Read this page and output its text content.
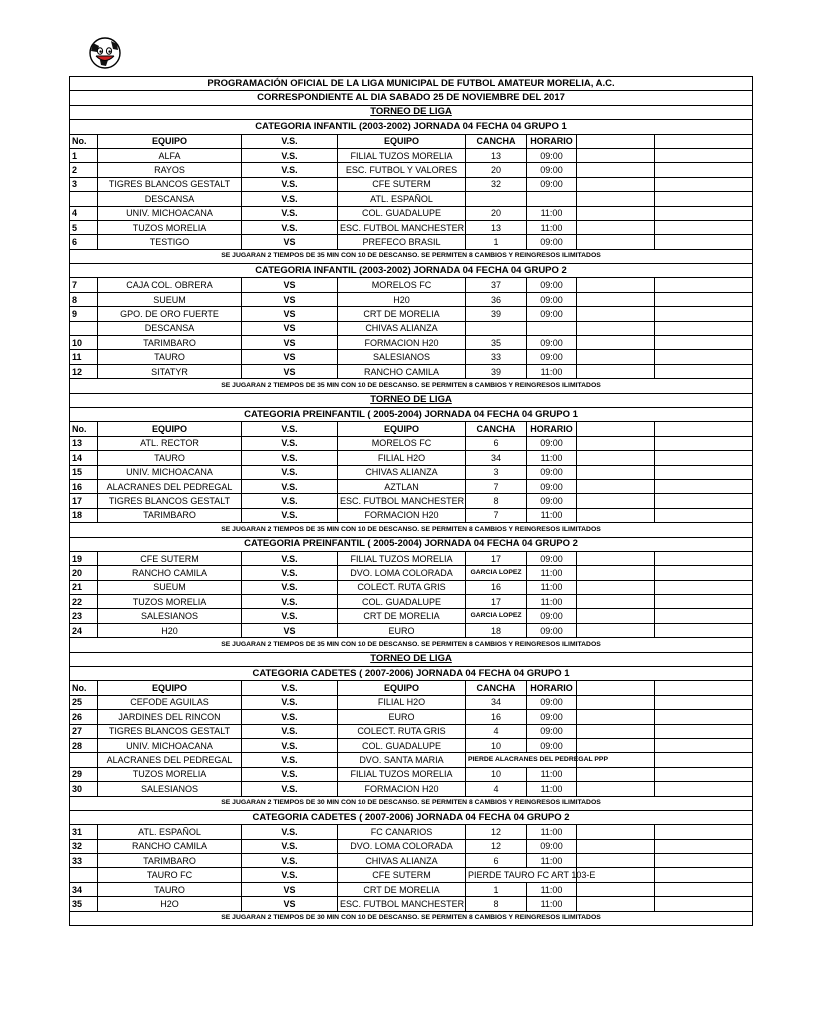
PROGRAMACIÓN OFICIAL DE LA LIGA MUNICIPAL DE FUTBOL AMATEUR MORELIA, A.C.							
CORRESPONDIENTE AL DIA SABADO 25 DE NOVIEMBRE DEL 2017							
TORNEO DE LIGA							
CATEGORIA INFANTIL (2003-2002) JORNADA 04 FECHA 04 GRUPO 1							
No.	EQUIPO	V.S.	EQUIPO	CANCHA	HORARIO		
1	ALFA	V.S.	FILIAL TUZOS MORELIA	13	09:00		
2	RAYOS	V.S.	ESC. FUTBOL Y VALORES	20	09:00		
3	TIGRES BLANCOS GESTALT	V.S.	CFE SUTERM	32	09:00		
	DESCANSA	V.S.	ATL. ESPAÑOL				
4	UNIV. MICHOACANA	V.S.	COL. GUADALUPE	20	11:00		
5	TUZOS MORELIA	V.S.	ESC. FUTBOL MANCHESTER	13	11:00		
6	TESTIGO	VS	PREFECO BRASIL	1	09:00		
SE JUGARAN 2 TIEMPOS DE 35 MIN CON 10 DE DESCANSO. SE PERMITEN 8 CAMBIOS Y REINGRESOS ILIMITADOS							
CATEGORIA INFANTIL (2003-2002) JORNADA 04 FECHA 04 GRUPO 2							
7	CAJA COL. OBRERA	VS	MORELOS FC	37	09:00		
8	SUEUM	VS	H20	36	09:00		
9	GPO. DE ORO FUERTE	VS	CRT DE MORELIA	39	09:00		
	DESCANSA	VS	CHIVAS ALIANZA				
10	TARIMBARO	VS	FORMACION H20	35	09:00		
11	TAURO	VS	SALESIANOS	33	09:00		
12	SITATYR	VS	RANCHO CAMILA	39	11:00		
SE JUGARAN 2 TIEMPOS DE 35 MIN CON 10 DE DESCANSO. SE PERMITEN 8 CAMBIOS Y REINGRESOS ILIMITADOS							
TORNEO DE LIGA							
CATEGORIA PREINFANTIL ( 2005-2004) JORNADA 04 FECHA 04 GRUPO 1							
No.	EQUIPO	V.S.	EQUIPO	CANCHA	HORARIO		
13	ATL. RECTOR	V.S.	MORELOS FC	6	09:00		
14	TAURO	V.S.	FILIAL H2O	34	11:00		
15	UNIV. MICHOACANA	V.S.	CHIVAS ALIANZA	3	09:00		
16	ALACRANES DEL PEDREGAL	V.S.	AZTLAN	7	09:00		
17	TIGRES BLANCOS GESTALT	V.S.	ESC. FUTBOL MANCHESTER	8	09:00		
18	TARIMBARO	V.S.	FORMACION H20	7	11:00		
SE JUGARAN 2 TIEMPOS DE 35 MIN CON 10 DE DESCANSO. SE PERMITEN 8 CAMBIOS Y REINGRESOS ILIMITADOS							
CATEGORIA PREINFANTIL ( 2005-2004) JORNADA 04 FECHA 04 GRUPO 2							
19	CFE SUTERM	V.S.	FILIAL TUZOS MORELIA	17	09:00		
20	RANCHO CAMILA	V.S.	DVO. LOMA COLORADA	GARCIA LOPEZ	11:00		
21	SUEUM	V.S.	COLECT. RUTA GRIS	16	11:00		
22	TUZOS MORELIA	V.S.	COL. GUADALUPE	17	11:00		
23	SALESIANOS	V.S.	CRT DE MORELIA	GARCIA LOPEZ	09:00		
24	H20	VS	EURO	18	09:00		
SE JUGARAN 2 TIEMPOS DE 35 MIN CON 10 DE DESCANSO. SE PERMITEN 8 CAMBIOS Y REINGRESOS ILIMITADOS							
TORNEO DE LIGA							
CATEGORIA CADETES ( 2007-2006) JORNADA 04 FECHA 04 GRUPO 1							
No.	EQUIPO	V.S.	EQUIPO	CANCHA	HORARIO		
25	CEFODE AGUILAS	V.S.	FILIAL H2O	34	09:00		
26	JARDINES DEL RINCON	V.S.	EURO	16	09:00		
27	TIGRES BLANCOS GESTALT	V.S.	COLECT. RUTA GRIS	4	09:00		
28	UNIV. MICHOACANA	V.S.	COL. GUADALUPE	10	09:00		
	ALACRANES DEL PEDREGAL	V.S.	DVO. SANTA MARIA	PIERDE ALACRANES DEL PEDREGAL PPP			
29	TUZOS MORELIA	V.S.	FILIAL TUZOS MORELIA	10	11:00		
30	SALESIANOS	V.S.	FORMACION H20	4	11:00		
SE JUGARAN 2 TIEMPOS DE 30 MIN CON 10 DE DESCANSO. SE PERMITEN 8 CAMBIOS Y REINGRESOS ILIMITADOS							
CATEGORIA CADETES ( 2007-2006) JORNADA 04 FECHA 04 GRUPO 2							
31	ATL. ESPAÑOL	V.S.	FC CANARIOS	12	11:00		
32	RANCHO CAMILA	V.S.	DVO. LOMA COLORADA	12	09:00		
33	TARIMBARO	V.S.	CHIVAS ALIANZA	6	11:00		
	TAURO FC	V.S.	CFE SUTERM	PIERDE TAURO FC ART 103-E			
34	TAURO	VS	CRT DE MORELIA	1	11:00		
35	H2O	VS	ESC. FUTBOL MANCHESTER	8	11:00		
SE JUGARAN 2 TIEMPOS DE 30 MIN CON 10 DE DESCANSO. SE PERMITEN 8 CAMBIOS Y REINGRESOS ILIMITADOS							
